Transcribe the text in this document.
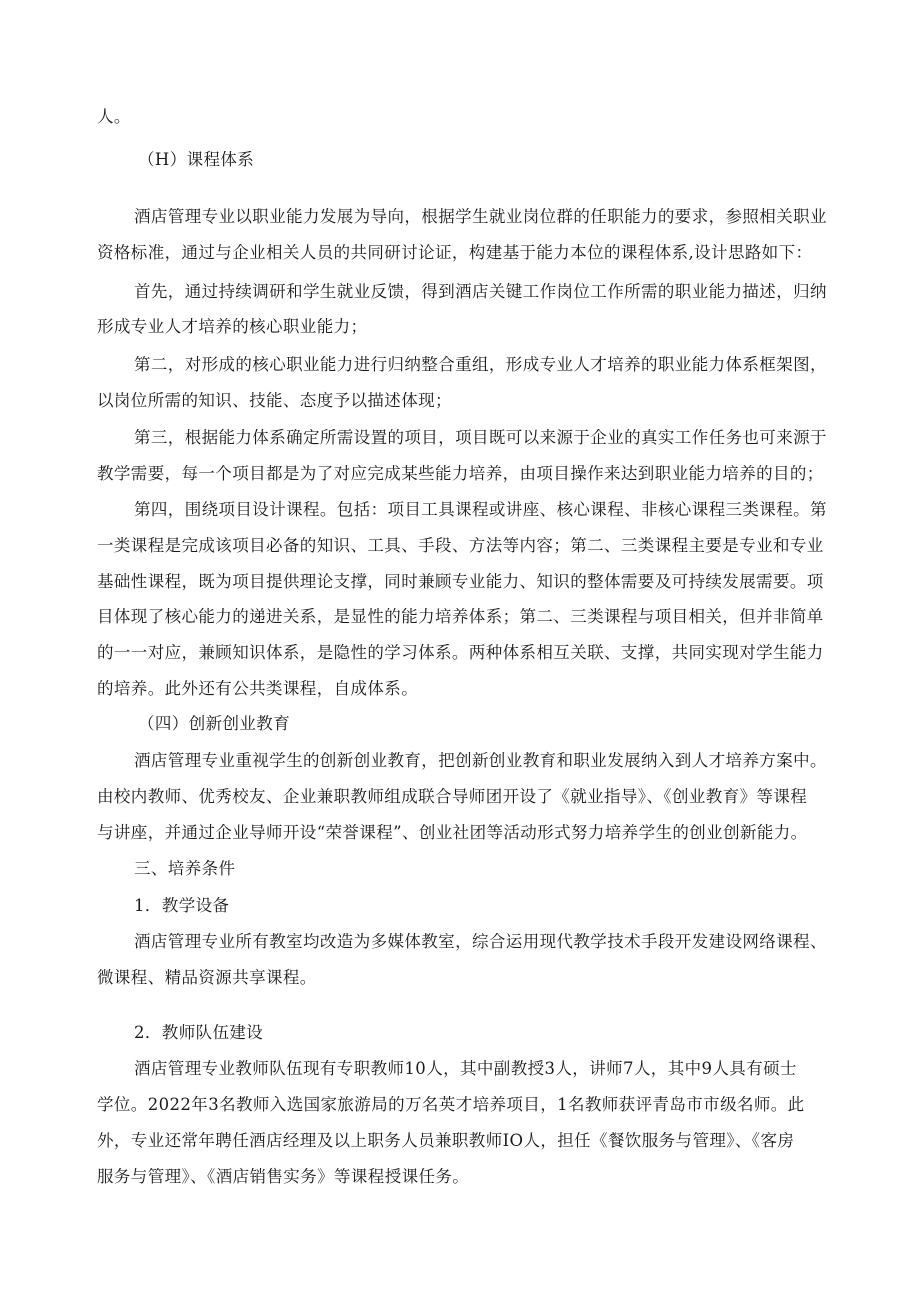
人。

（H）课程体系

酒店管理专业以职业能力发展为导向，根据学生就业岗位群的任职能力的要求，参照相关职业

资格标准，通过与企业相关人员的共同研讨论证，构建基于能力本位的课程体系,设计思路如下：

首先，通过持续调研和学生就业反馈，得到酒店关键工作岗位工作所需的职业能力描述，归纳

形成专业人才培养的核心职业能力；

第二，对形成的核心职业能力进行归纳整合重组，形成专业人才培养的职业能力体系框架图，

以岗位所需的知识、技能、态度予以描述体现；

第三，根据能力体系确定所需设置的项目，项目既可以来源于企业的真实工作任务也可来源于

教学需要，每一个项目都是为了对应完成某些能力培养，由项目操作来达到职业能力培养的目的；

第四，围绕项目设计课程。包括：项目工具课程或讲座、核心课程、非核心课程三类课程。第

一类课程是完成该项目必备的知识、工具、手段、方法等内容；第二、三类课程主要是专业和专业

基础性课程，既为项目提供理论支撑，同时兼顾专业能力、知识的整体需要及可持续发展需要。项

目体现了核心能力的递进关系，是显性的能力培养体系；第二、三类课程与项目相关，但并非简单

的一一对应，兼顾知识体系，是隐性的学习体系。两种体系相互关联、支撑，共同实现对学生能力

的培养。此外还有公共类课程，自成体系。

（四）创新创业教育

酒店管理专业重视学生的创新创业教育，把创新创业教育和职业发展纳入到人才培养方案中。

由校内教师、优秀校友、企业兼职教师组成联合导师团开设了《就业指导》、《创业教育》等课程

与讲座，并通过企业导师开设“荣誉课程”、创业社团等活动形式努力培养学生的创业创新能力。

三、培养条件

1．教学设备

酒店管理专业所有教室均改造为多媒体教室，综合运用现代教学技术手段开发建设网络课程、

微课程、精品资源共享课程。

2．教师队伍建设

酒店管理专业教师队伍现有专职教师10人，其中副教授3人，讲师7人，其中9人具有硕士

学位。2022年3名教师入选国家旅游局的万名英才培养项目，1名教师获评青岛市市级名师。此

外，专业还常年聘任酒店经理及以上职务人员兼职教师IO人，担任《餐饮服务与管理》、《客房

服务与管理》、《酒店销售实务》等课程授课任务。
